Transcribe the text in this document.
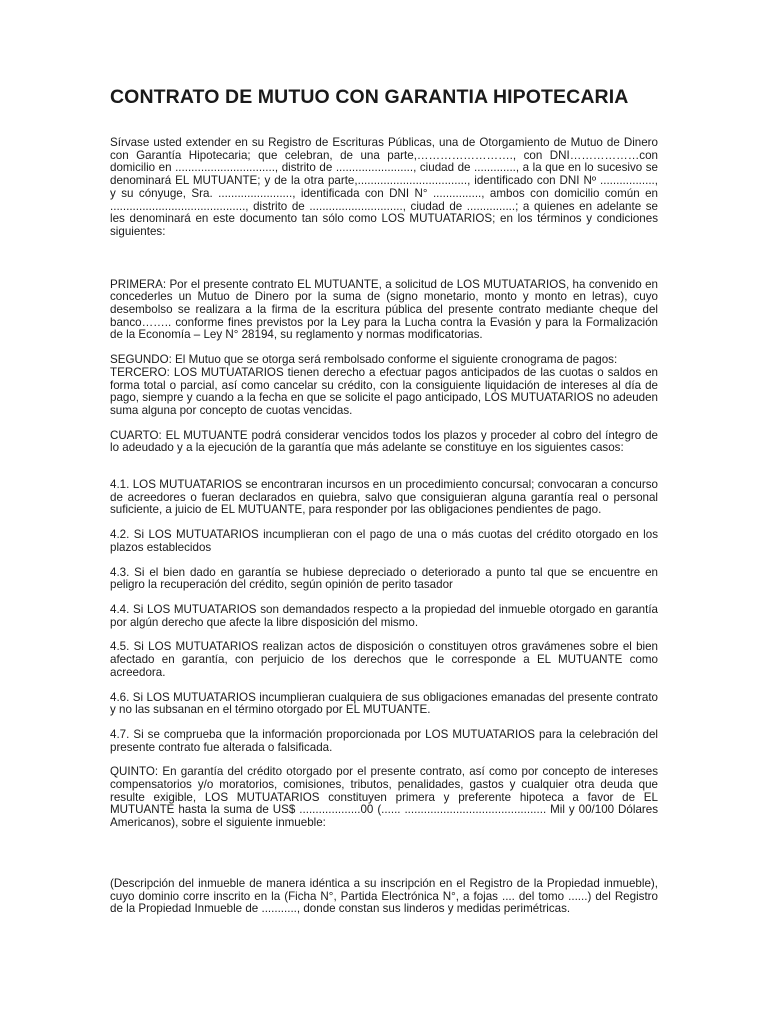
CONTRATO DE MUTUO CON GARANTIA HIPOTECARIA

Sírvase usted extender en su Registro de Escrituras Públicas, una de Otorgamiento de Mutuo de Dinero con Garantía Hipotecaria; que celebran, de una parte,……………………., con DNI………………con domicilio en ..............................., distrito de ........................, ciudad de ............., a la que en lo sucesivo se denominará EL MUTUANTE; y de la otra parte,.................................., identificado con DNI Nº ................., y su cónyuge, Sra. ......................., identificada con DNI N° ..............., ambos con domicilio común en .........................................., distrito de ............................., ciudad de ...............; a quienes en adelante se les denominará en este documento tan sólo como LOS MUTUATARIOS; en los términos y condiciones siguientes:

PRIMERA: Por el presente contrato EL MUTUANTE, a solicitud de LOS MUTUATARIOS, ha convenido en concederles un Mutuo de Dinero por la suma de (signo monetario, monto y monto en letras), cuyo desembolso se realizara a la firma de la escritura pública del presente contrato mediante cheque del banco…….. conforme fines previstos por la Ley para la Lucha contra la Evasión y para la Formalización de la Economía – Ley N° 28194, su reglamento y normas modificatorias.

SEGUNDO: El Mutuo que se otorga será rembolsado conforme el siguiente cronograma de pagos:

TERCERO: LOS MUTUATARIOS tienen derecho a efectuar pagos anticipados de las cuotas o saldos en forma total o parcial, así como cancelar su crédito, con la consiguiente liquidación de intereses al día de pago, siempre y cuando a la fecha en que se solicite el pago anticipado, LOS MUTUATARIOS no adeuden suma alguna por concepto de cuotas vencidas.

CUARTO: EL MUTUANTE podrá considerar vencidos todos los plazos y proceder al cobro del íntegro de lo adeudado y a la ejecución de la garantía que más adelante se constituye en los siguientes casos:

4.1. LOS MUTUATARIOS se encontraran incursos en un procedimiento concursal; convocaran a concurso de acreedores o fueran declarados en quiebra, salvo que consiguieran alguna garantía real o personal suficiente, a juicio de EL MUTUANTE, para responder por las obligaciones pendientes de pago.

4.2. Si LOS MUTUATARIOS incumplieran con el pago de una o más cuotas del crédito otorgado en los plazos establecidos

4.3. Si el bien dado en garantía se hubiese depreciado o deteriorado a punto tal que se encuentre en peligro la recuperación del crédito, según opinión de perito tasador

4.4. Si LOS MUTUATARIOS son demandados respecto a la propiedad del inmueble otorgado en garantía por algún derecho que afecte la libre disposición del mismo.

4.5. Si LOS MUTUATARIOS realizan actos de disposición o constituyen otros gravámenes sobre el bien afectado en garantía, con perjuicio de los derechos que le corresponde a EL MUTUANTE como acreedora.

4.6. Si LOS MUTUATARIOS incumplieran cualquiera de sus obligaciones emanadas del presente contrato y no las subsanan en el término otorgado por EL MUTUANTE.

4.7. Si se comprueba que la información proporcionada por LOS MUTUATARIOS para la celebración del presente contrato fue alterada o falsificada.

QUINTO: En garantía del crédito otorgado por el presente contrato, así como por concepto de intereses compensatorios y/o moratorios, comisiones, tributos, penalidades, gastos y cualquier otra deuda que resulte exigible, LOS MUTUATARIOS constituyen primera y preferente hipoteca a favor de EL MUTUANTE hasta la suma de US$ ...................00 (...... ............................................ Mil y 00/100 Dólares Americanos), sobre el siguiente inmueble:

(Descripción del inmueble de manera idéntica a su inscripción en el Registro de la Propiedad inmueble), cuyo dominio corre inscrito en la (Ficha N°, Partida Electrónica N°, a fojas .... del tomo ......) del Registro de la Propiedad Inmueble de ..........., donde constan sus linderos y medidas perimétricas.
